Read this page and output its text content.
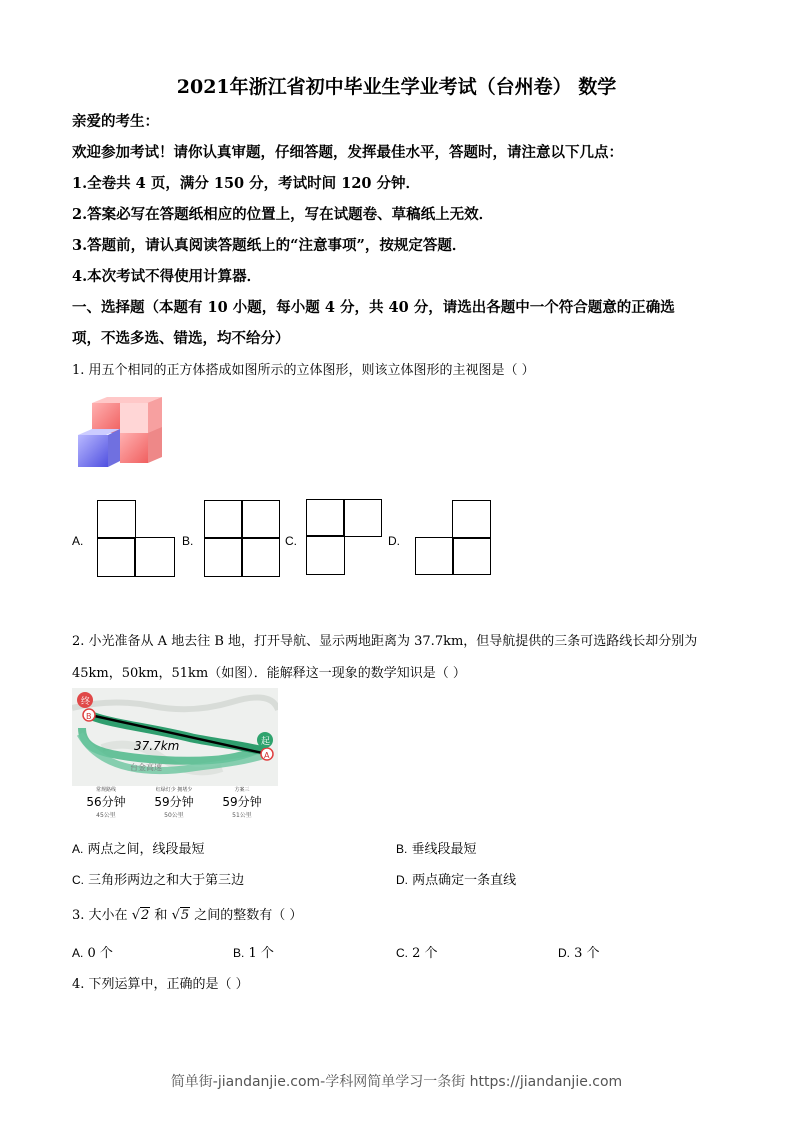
2021年浙江省初中毕业生学业考试（台州卷） 数学
亲爱的考生：
欢迎参加考试！请你认真审题，仔细答题，发挥最佳水平，答题时，请注意以下几点：
1.全卷共 4 页，满分 150 分，考试时间 120 分钟．
2.答案必写在答题纸相应的位置上，写在试题卷、草稿纸上无效．
3.答题前，请认真阅读答题纸上的“注意事项”，按规定答题．
4.本次考试不得使用计算器．
一、选择题（本题有 10 小题，每小题 4 分，共 40 分，请选出各题中一个符合题意的正确选
项，不选多选、错选，均不给分）
1. 用五个相同的正方体搭成如图所示的立体图形，则该立体图形的主视图是（ ）
A.	B.	C.	D.
2. 小光准备从 A 地去往 B 地，打开导航、显示两地距离为 37.7km，但导航提供的三条可选路线长却分别为
45km，50km，51km（如图）．能解释这一现象的数学知识是（ ）
37.7km
终
起
A
B
台金高速
常规路线
56分钟
45公里
红绿灯少 拥堵少
59分钟
50公里
方案三
59分钟
51公里
A. 两点之间，线段最短	B. 垂线段最短
C. 三角形两边之和大于第三边	D. 两点确定一条直线
3. 大小在 √2 和 √5 之间的整数有（ ）
A. 0 个	B. 1 个	C. 2 个	D. 3 个
4. 下列运算中，正确的是（ ）
简单街-jiandanjie.com-学科网简单学习一条街 https://jiandanjie.com
